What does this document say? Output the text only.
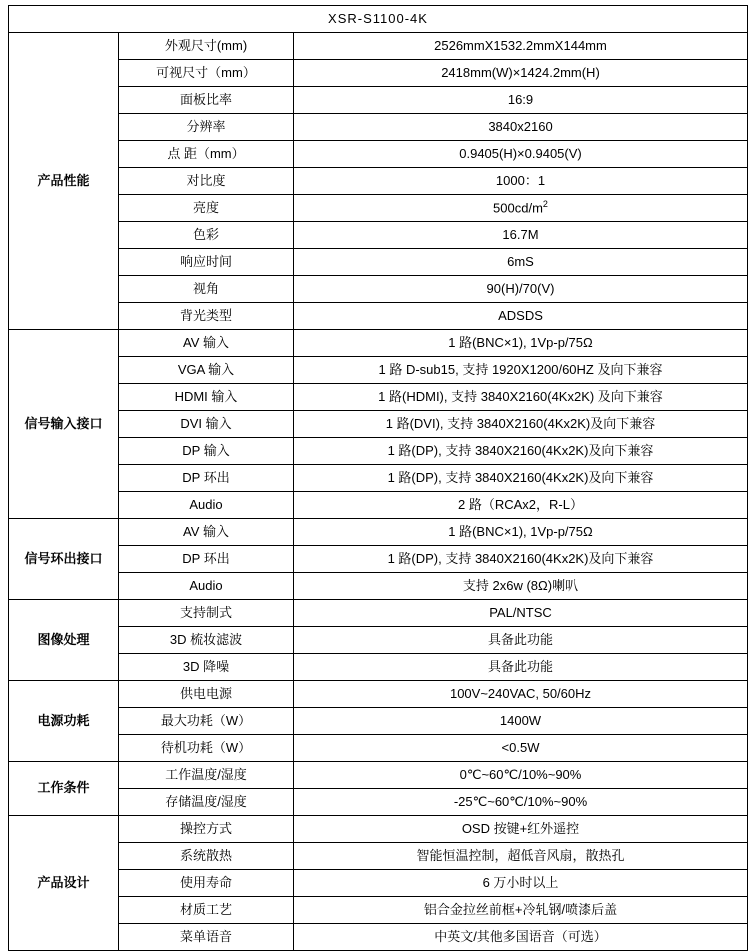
XSR-S1100-4K		
产品性能	外观尺寸(mm)	2526mmX1532.2mmX144mm
	可视尺寸（mm）	2418mm(W)×1424.2mm(H)
	面板比率	16:9
	分辨率	3840x2160
	点 距（mm）	0.9405(H)×0.9405(V)
	对比度	1000：1
	亮度	$500cd/m^2$
	色彩	16.7M
	响应时间	6mS
	视角	90(H)/70(V)
	背光类型	ADSDS
信号输入接口	AV 输入	1 路(BNC×1), 1Vp-p/75Ω
	VGA 输入	1 路 D-sub15, 支持 1920X1200/60HZ 及向下兼容
	HDMI 输入	1 路(HDMI), 支持 3840X2160(4Kx2K) 及向下兼容
	DVI 输入	1 路(DVI), 支持 3840X2160(4Kx2K)及向下兼容
	DP 输入	1 路(DP), 支持 3840X2160(4Kx2K)及向下兼容
	DP 环出	1 路(DP), 支持 3840X2160(4Kx2K)及向下兼容
	Audio	2 路（RCAx2，R-L）
信号环出接口	AV 输入	1 路(BNC×1), 1Vp-p/75Ω
	DP 环出	1 路(DP), 支持 3840X2160(4Kx2K)及向下兼容
	Audio	支持 2x6w (8Ω)喇叭
图像处理	支持制式	PAL/NTSC
	3D 梳妆滤波	具备此功能
	3D 降噪	具备此功能
电源功耗	供电电源	100V~240VAC, 50/60Hz
	最大功耗（W）	1400W
	待机功耗（W）	<0.5W
工作条件	工作温度/湿度	0℃~60℃/10%~90%
	存储温度/湿度	-25℃~60℃/10%~90%
产品设计	操控方式	OSD 按键+红外遥控
	系统散热	智能恒温控制，超低音风扇，散热孔
	使用寿命	6 万小时以上
	材质工艺	铝合金拉丝前框+冷轧钢/喷漆后盖
	菜单语音	中英文/其他多国语音（可选）
